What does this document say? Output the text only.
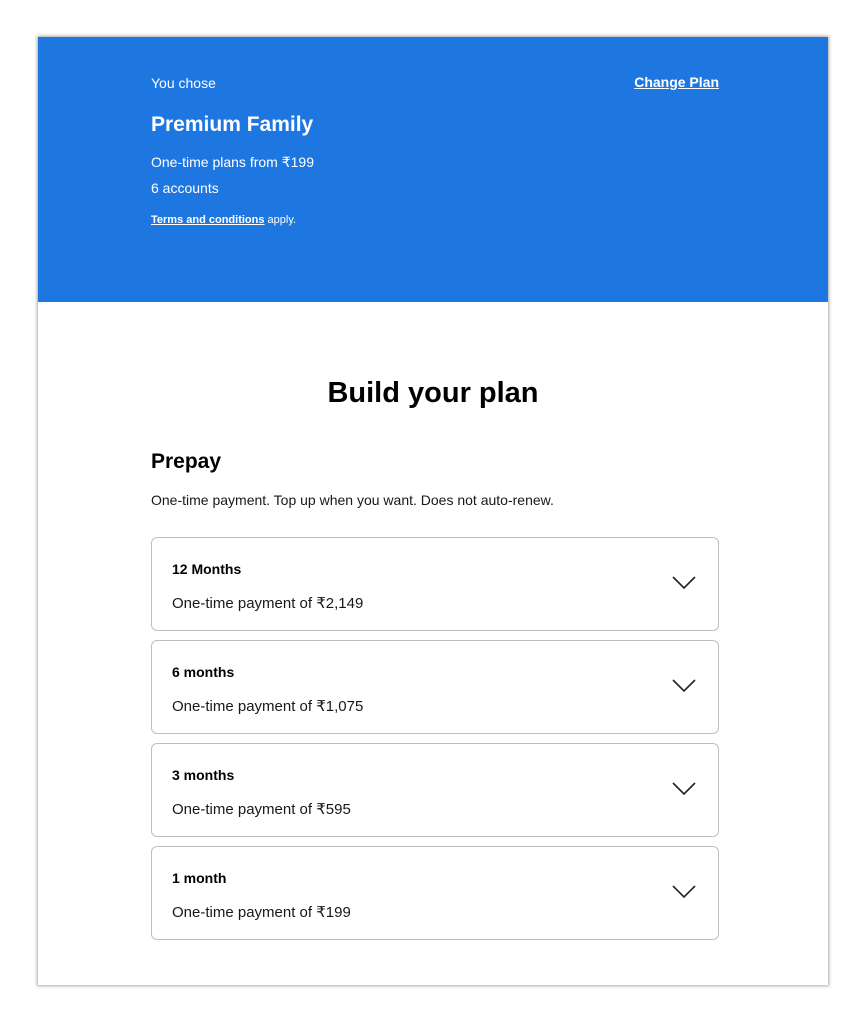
You chose	Change Plan
Premium Family
One-time plans from ₹199
6 accounts
Terms and conditions apply.
Build your plan
Prepay
One-time payment. Top up when you want. Does not auto-renew.
12 Months
One-time payment of ₹2,149
6 months
One-time payment of ₹1,075
3 months
One-time payment of ₹595
1 month
One-time payment of ₹199
